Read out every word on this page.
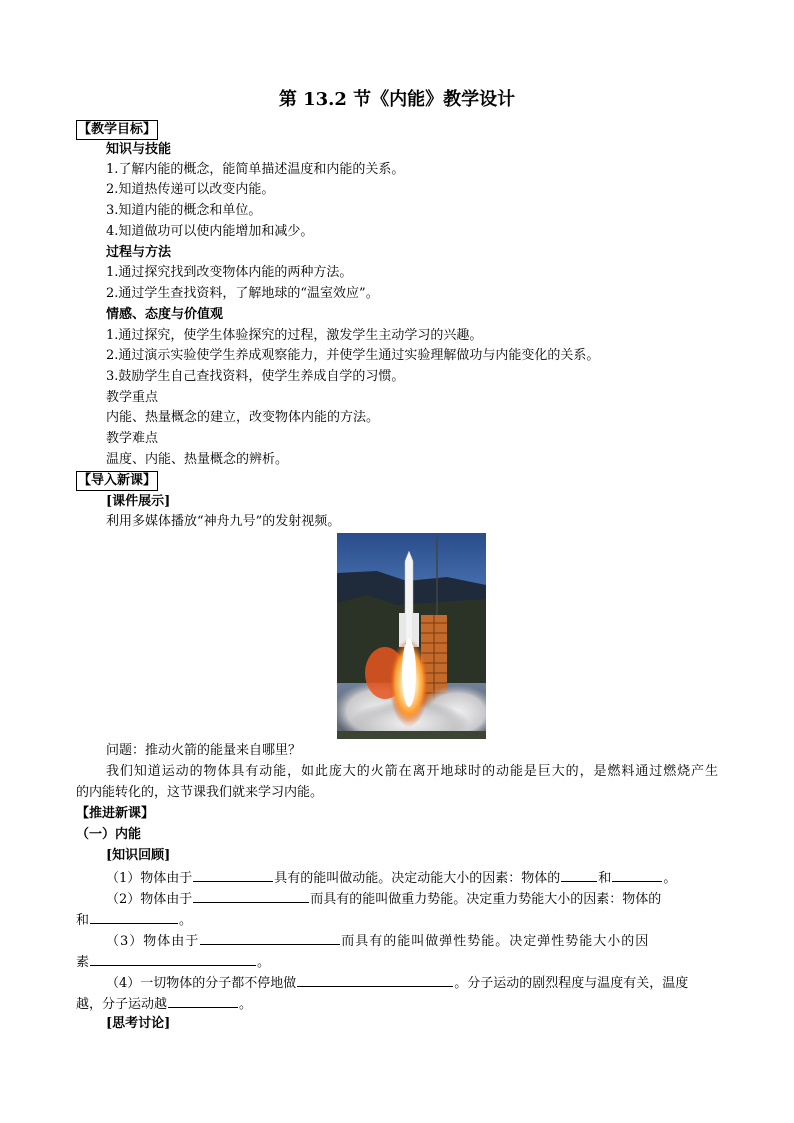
第 13.2 节《内能》教学设计
【教学目标】
知识与技能
1.了解内能的概念，能简单描述温度和内能的关系。
2.知道热传递可以改变内能。
3.知道内能的概念和单位。
4.知道做功可以使内能增加和减少。
过程与方法
1.通过探究找到改变物体内能的两种方法。
2.通过学生查找资料，了解地球的“温室效应”。
情感、态度与价值观
1.通过探究，使学生体验探究的过程，激发学生主动学习的兴趣。
2.通过演示实验使学生养成观察能力，并使学生通过实验理解做功与内能变化的关系。
3.鼓励学生自己查找资料，使学生养成自学的习惯。
教学重点
内能、热量概念的建立，改变物体内能的方法。
教学难点
温度、内能、热量概念的辨析。
【导入新课】
[课件展示]
利用多媒体播放“神舟九号”的发射视频。
问题：推动火箭的能量来自哪里？
我们知道运动的物体具有动能，如此庞大的火箭在离开地球时的动能是巨大的，是燃料通过燃烧产生
的内能转化的，这节课我们就来学习内能。
【推进新课】
（一）内能
[知识回顾]
（1）物体由于	具有的能叫做动能。决定动能大小的因素：物体的	和	。
（2）物体由于	而具有的能叫做重力势能。决定重力势能大小的因素：物体的
和	。
（3）物体由于	而具有的能叫做弹性势能。决定弹性势能大小的因
素	。
（4）一切物体的分子都不停地做	。分子运动的剧烈程度与温度有关，温度
越，分子运动越	。
[思考讨论]
